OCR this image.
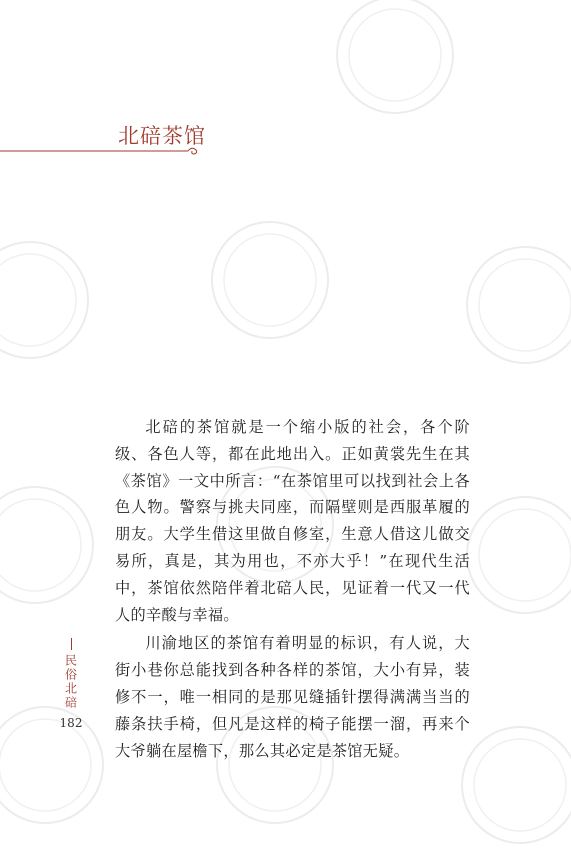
北碚茶馆

北碚的茶馆就是一个缩小版的社会，各个阶级、各色人等，都在此地出入。正如黄裳先生在其《茶馆》一文中所言：“在茶馆里可以找到社会上各色人物。警察与挑夫同座，而隔壁则是西服革履的朋友。大学生借这里做自修室，生意人借这儿做交易所，真是，其为用也，不亦大乎！”在现代生活中，茶馆依然陪伴着北碚人民，见证着一代又一代人的辛酸与幸福。

川渝地区的茶馆有着明显的标识，有人说，大街小巷你总能找到各种各样的茶馆，大小有异，装修不一，唯一相同的是那见缝插针摆得满满当当的藤条扶手椅，但凡是这样的椅子能摆一溜，再来个大爷躺在屋檐下，那么其必定是茶馆无疑。

民俗北碚
182
